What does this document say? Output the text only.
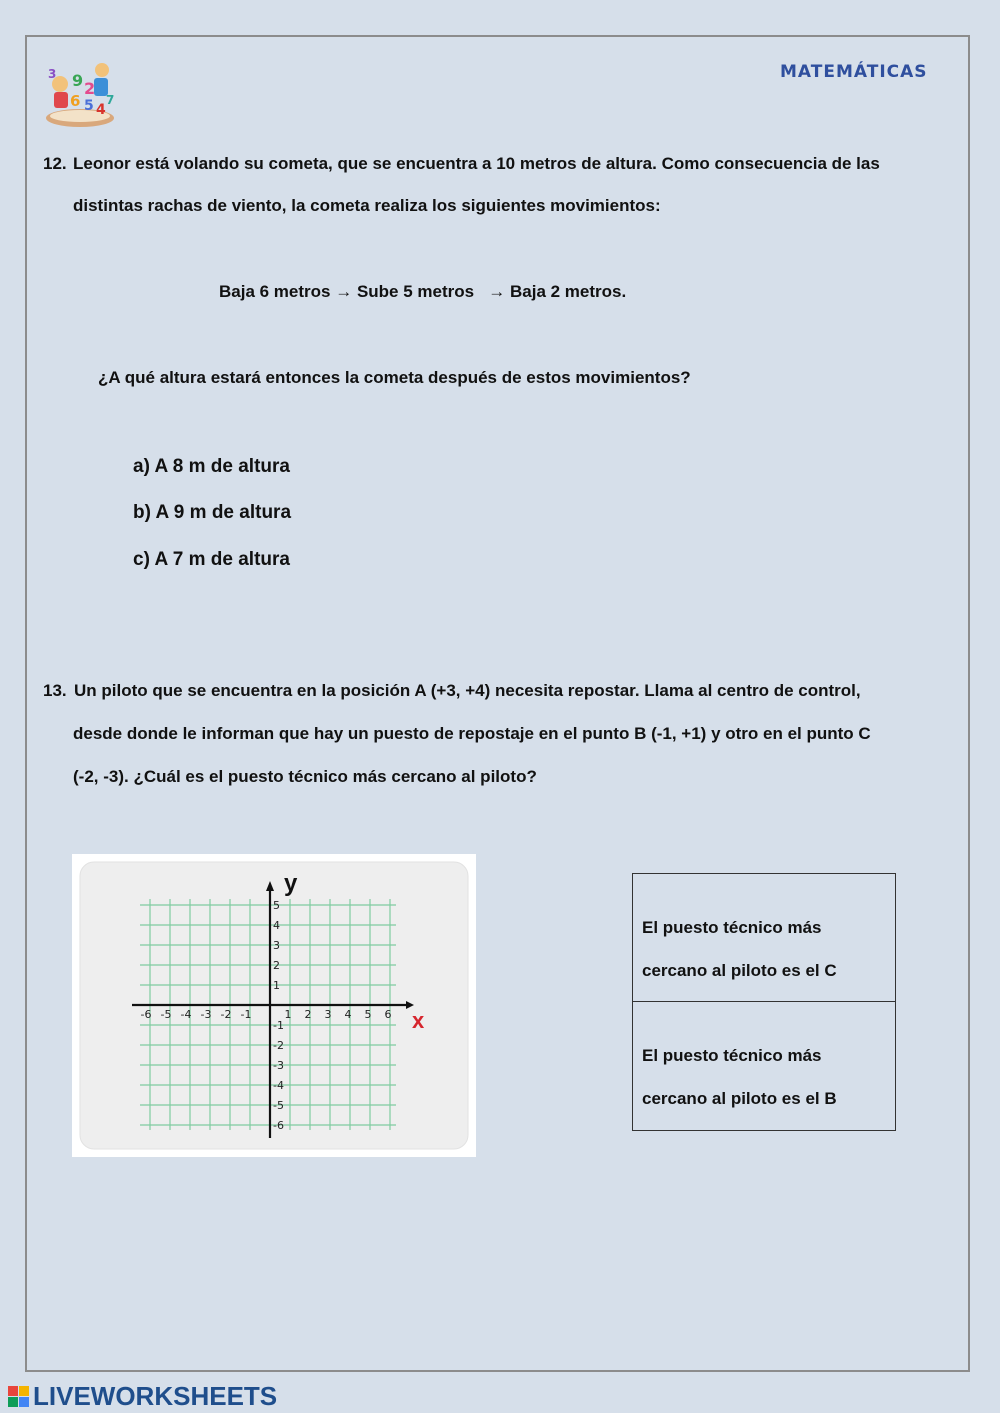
9 2
6 5 4
3
7
MATEMÁTICAS
12. Leonor está volando su cometa, que se encuentra a 10 metros de altura. Como consecuencia de las
distintas rachas de viento, la cometa realiza los siguientes movimientos:
Baja 6 metros → Sube 5 metros   → Baja 2 metros.
¿A qué altura estará entonces la cometa después de estos movimientos?
a) A 8 m de altura
b) A 9 m de altura
c) A 7 m de altura
13. Un piloto que se encuentra en la posición A (+3, +4) necesita repostar. Llama al centro de control,
desde donde le informan que hay un puesto de repostaje en el punto B (-1, +1) y otro en el punto C
(-2, -3). ¿Cuál es el puesto técnico más cercano al piloto?
y
x
-6 -5 -4 -3 -2 -1	1 2 3 4 5 6
5
4
3
2
1
-1
-2
-3
-4
-5
-6
El puesto técnico más
cercano al piloto es el C
El puesto técnico más
cercano al piloto es el B
LIVEWORKSHEETS
